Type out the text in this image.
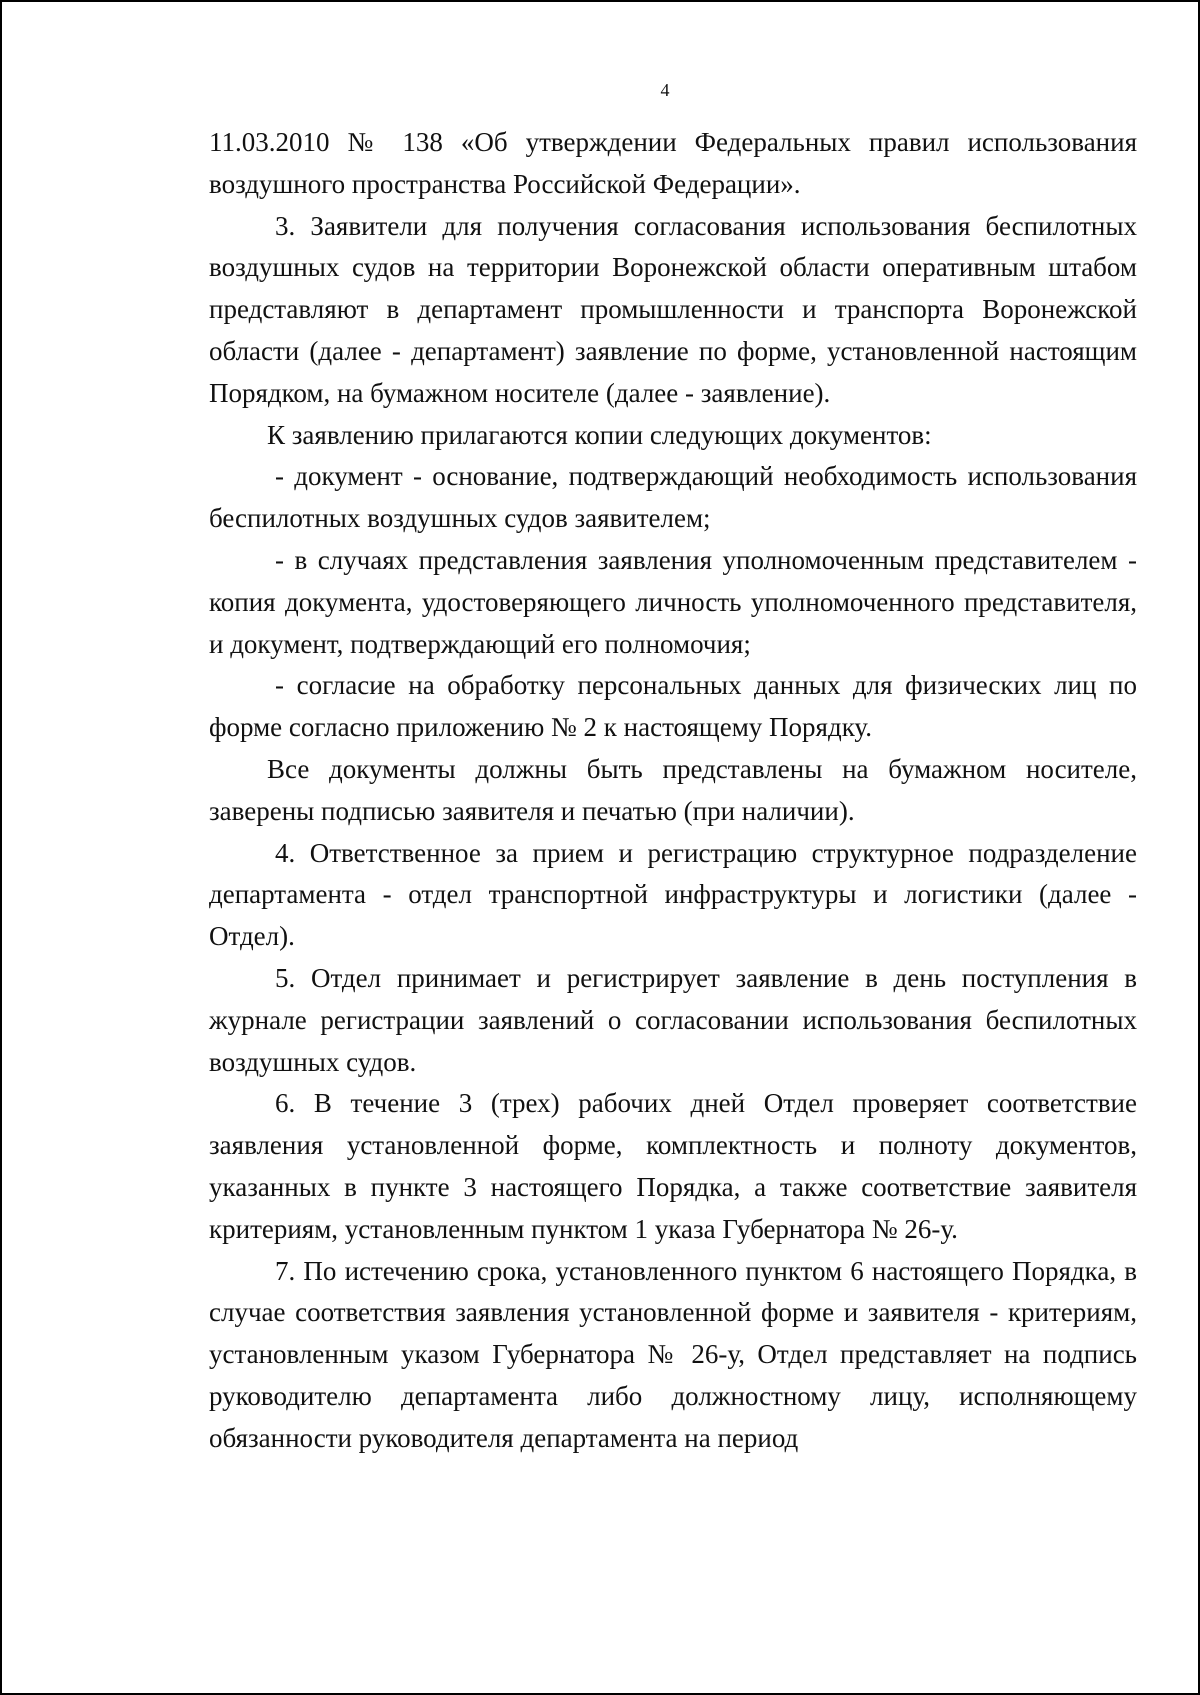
4

11.03.2010 № 138 «Об утверждении Федеральных правил использования воздушного пространства Российской Федерации».

3. Заявители для получения согласования использования беспилотных воздушных судов на территории Воронежской области оперативным штабом представляют в департамент промышленности и транспорта Воронежской области (далее - департамент) заявление по форме, установленной настоящим Порядком, на бумажном носителе (далее - заявление).

К заявлению прилагаются копии следующих документов:

- документ - основание, подтверждающий необходимость использования беспилотных воздушных судов заявителем;

- в случаях представления заявления уполномоченным представителем - копия документа, удостоверяющего личность уполномоченного представителя, и документ, подтверждающий его полномочия;

- согласие на обработку персональных данных для физических лиц по форме согласно приложению № 2 к настоящему Порядку.

Все документы должны быть представлены на бумажном носителе, заверены подписью заявителя и печатью (при наличии).

4. Ответственное за прием и регистрацию структурное подразделение департамента - отдел транспортной инфраструктуры и логистики (далее - Отдел).

5. Отдел принимает и регистрирует заявление в день поступления в журнале регистрации заявлений о согласовании использования беспилотных воздушных судов.

6. В течение 3 (трех) рабочих дней Отдел проверяет соответствие заявления установленной форме, комплектность и полноту документов, указанных в пункте 3 настоящего Порядка, а также соответствие заявителя критериям, установленным пунктом 1 указа Губернатора № 26-у.

7. По истечению срока, установленного пунктом 6 настоящего Порядка, в случае соответствия заявления установленной форме и заявителя - критериям, установленным указом Губернатора № 26-у, Отдел представляет на подпись руководителю департамента либо должностному лицу, исполняющему обязанности руководителя департамента на период
